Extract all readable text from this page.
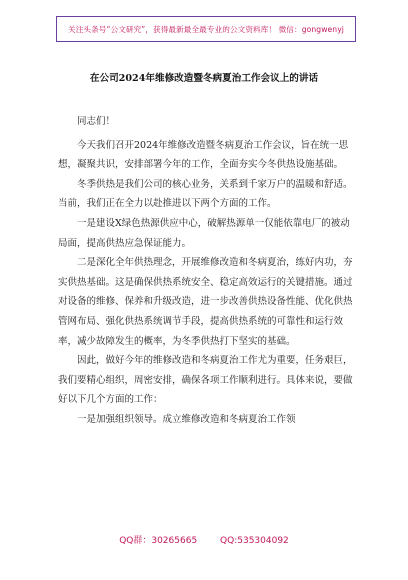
关注头条号“公文研究”，获得最新最全最专业的公文资料库！ 微信：gongwenyj
在公司2024年维修改造暨冬病夏治工作会议上的讲话

同志们！

今天我们召开2024年维修改造暨冬病夏治工作会议，旨在统一思想，凝聚共识，安排部署今年的工作，全面夯实今冬供热设施基础。

冬季供热是我们公司的核心业务，关系到千家万户的温暖和舒适。当前，我们正在全力以赴推进以下两个方面的工作。

一是建设X绿色热源供应中心，破解热源单一仅能依靠电厂的被动局面，提高供热应急保证能力。

二是深化全年供热理念，开展维修改造和冬病夏治，练好内功，夯实供热基础。这是确保供热系统安全、稳定高效运行的关键措施。通过对设备的维修、保养和升级改造，进一步改善供热设备性能、优化供热管网布局、强化供热系统调节手段，提高供热系统的可靠性和运行效率，减少故障发生的概率，为冬季供热打下坚实的基础。

因此，做好今年的维修改造和冬病夏治工作尤为重要，任务艰巨，我们要精心组织，周密安排，确保各项工作顺利进行。具体来说，要做好以下几个方面的工作：

一是加强组织领导。成立维修改造和冬病夏治工作领

QQ群：30265665	QQ:535304092
